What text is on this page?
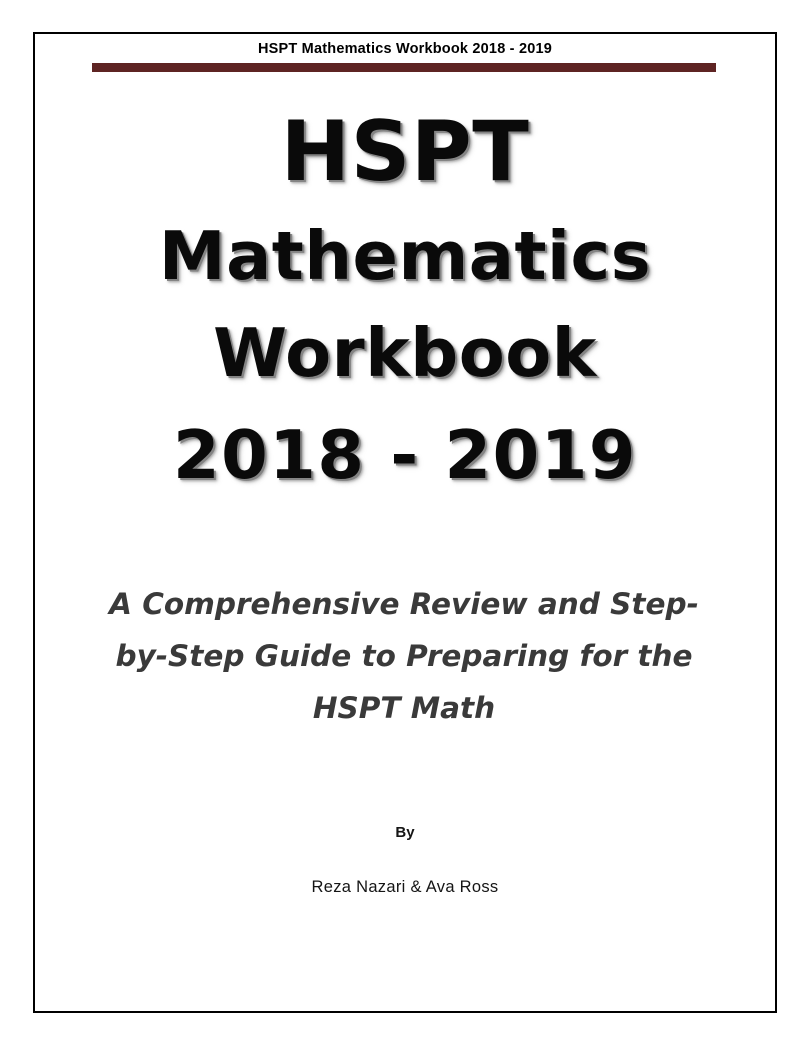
HSPT Mathematics Workbook 2018 - 2019
HSPT
Mathematics
Workbook
2018 - 2019
A Comprehensive Review and Step-by-Step Guide to Preparing for the HSPT Math
By
Reza Nazari & Ava Ross
